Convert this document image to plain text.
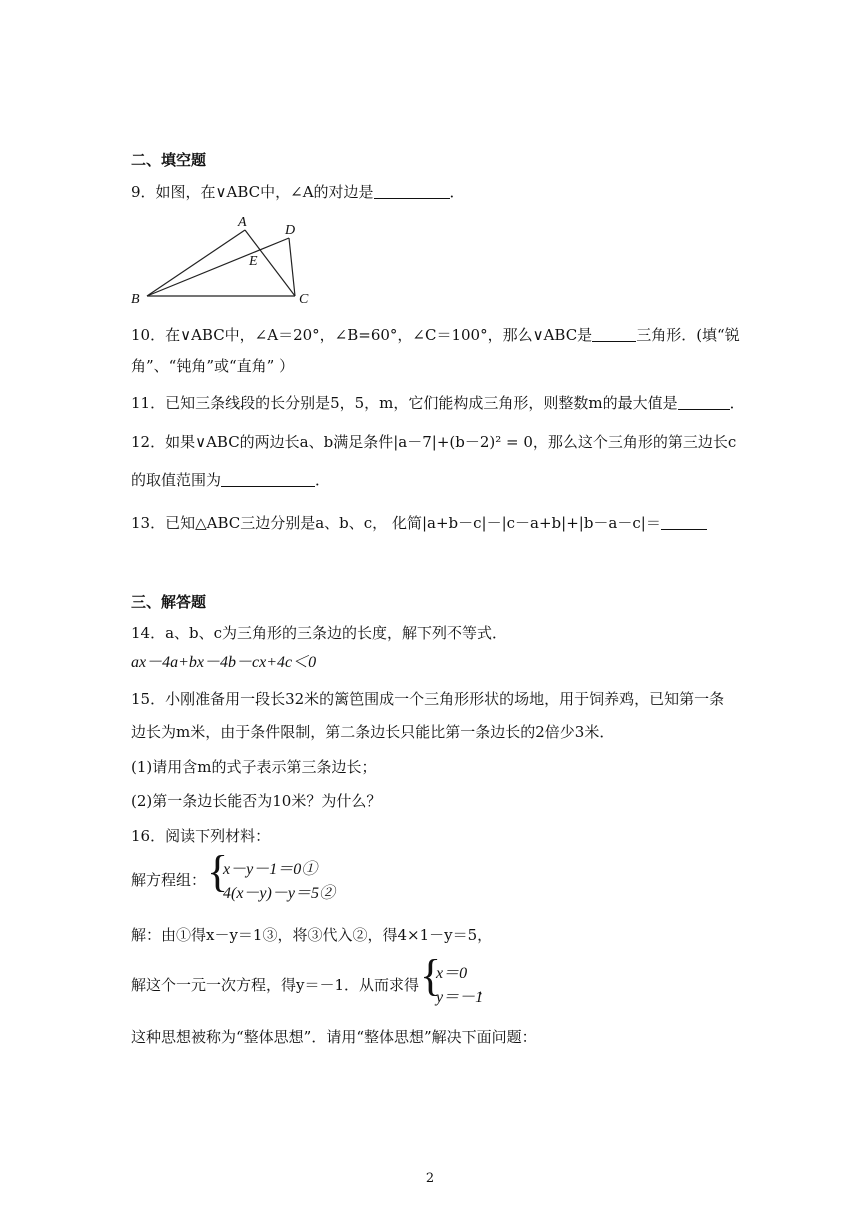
二、填空题
9．如图，在∨ABC中，∠A的对边是	．
A
D
E
B	C
10．在∨ABC中，∠A＝20°，∠B=60°，∠C＝100°，那么∨ABC是	三角形．(填“锐
角”、“钝角”或“直角” ）
11．已知三条线段的长分别是5，5，m，它们能构成三角形，则整数m的最大值是	．
12．如果∨ABC的两边长a、b满足条件|a－7|+(b－2)² = 0，那么这个三角形的第三边长c
的取值范围为	．
13．已知△ABC三边分别是a、b、c， 化简|a+b－c|－|c－a+b|+|b－a－c|＝
三、解答题
14．a、b、c为三角形的三条边的长度，解下列不等式．
ax－4a+bx－4b－cx+4c＜0
15．小刚准备用一段长32米的篱笆围成一个三角形形状的场地，用于饲养鸡，已知第一条
边长为m米，由于条件限制，第二条边长只能比第一条边长的2倍少3米．
(1)请用含m的式子表示第三条边长；
(2)第一条边长能否为10米？为什么？
16．阅读下列材料：
解方程组： {
x－y－1＝0①
4(x－y)－y＝5②
解：由①得x－y＝1③，将③代入②，得4×1－y＝5，
解这个一元一次方程，得y＝－1．从而求得 {
x＝0
y＝－1
．
这种思想被称为“整体思想”．请用“整体思想”解决下面问题：
2
